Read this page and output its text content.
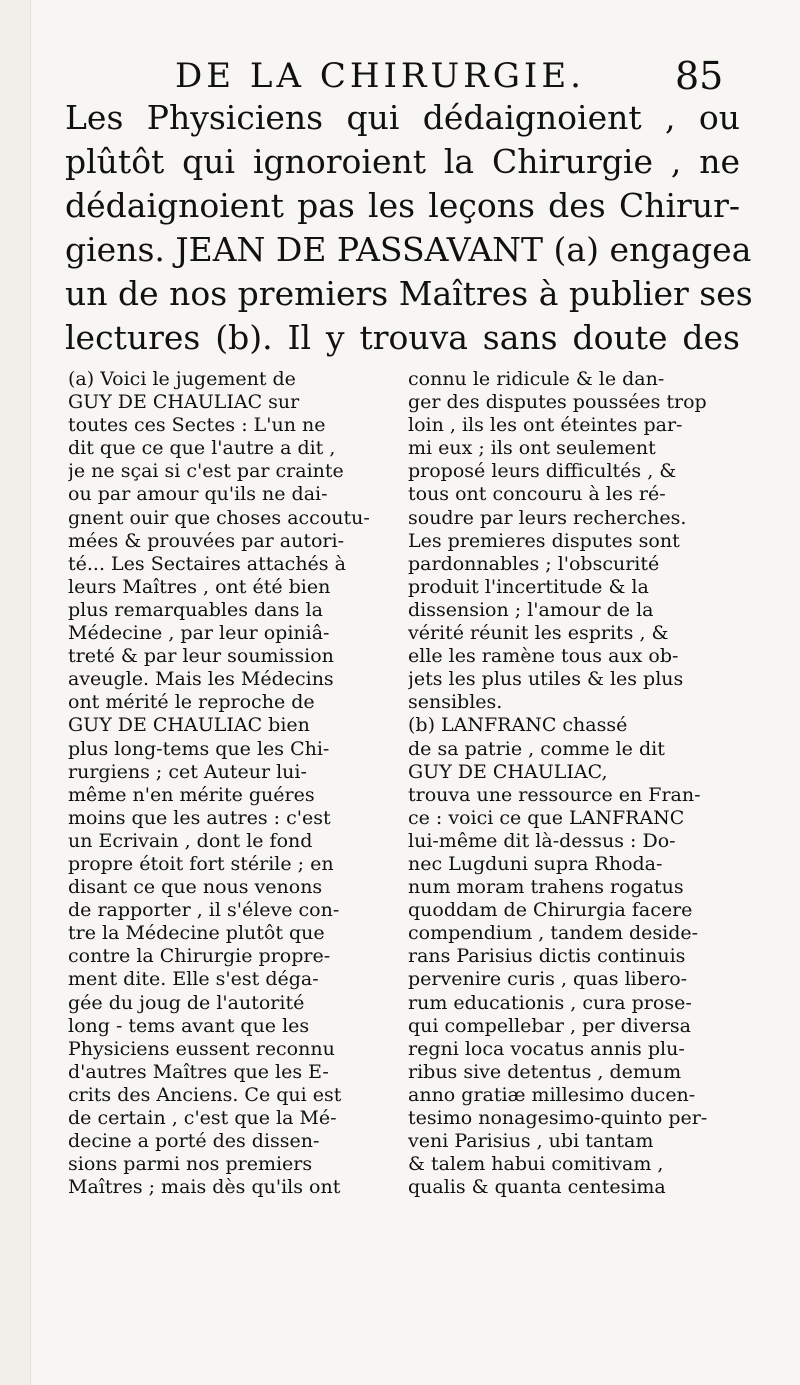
DE LA CHIRURGIE. 85
Les Physiciens qui dédaignoient , ou
plûtôt qui ignoroient la Chirurgie , ne
dédaignoient pas les leçons des Chirur-
giens. JEAN DE PASSAVANT (a) engagea
un de nos premiers Maîtres à publier ses
lectures (b). Il y trouva sans doute des
(a) Voici le jugement de
GUY DE CHAULIAC sur
toutes ces Sectes : L'un ne
dit que ce que l'autre a dit ,
je ne sçai si c'est par crainte
ou par amour qu'ils ne dai-
gnent ouir que choses accoutu-
mées & prouvées par autori-
té... Les Sectaires attachés à
leurs Maîtres , ont été bien
plus remarquables dans la
Médecine , par leur opiniâ-
treté & par leur soumission
aveugle. Mais les Médecins
ont mérité le reproche de
GUY DE CHAULIAC bien
plus long-tems que les Chi-
rurgiens ; cet Auteur lui-
même n'en mérite guéres
moins que les autres : c'est
un Ecrivain , dont le fond
propre étoit fort stérile ; en
disant ce que nous venons
de rapporter , il s'éleve con-
tre la Médecine plutôt que
contre la Chirurgie propre-
ment dite. Elle s'est déga-
gée du joug de l'autorité
long - tems avant que les
Physiciens eussent reconnu
d'autres Maîtres que les E-
crits des Anciens. Ce qui est
de certain , c'est que la Mé-
decine a porté des dissen-
sions parmi nos premiers
Maîtres ; mais dès qu'ils ont
connu le ridicule & le dan-
ger des disputes poussées trop
loin , ils les ont éteintes par-
mi eux ; ils ont seulement
proposé leurs difficultés , &
tous ont concouru à les ré-
soudre par leurs recherches.
Les premieres disputes sont
pardonnables ; l'obscurité
produit l'incertitude & la
dissension ; l'amour de la
vérité réunit les esprits , &
elle les ramène tous aux ob-
jets les plus utiles & les plus
sensibles.
(b) LANFRANC chassé
de sa patrie , comme le dit
GUY DE CHAULIAC,
trouva une ressource en Fran-
ce : voici ce que LANFRANC
lui-même dit là-dessus : Do-
nec Lugduni supra Rhoda-
num moram trahens rogatus
quoddam de Chirurgia facere
compendium , tandem deside-
rans Parisius dictis continuis
pervenire curis , quas libero-
rum educationis , cura prose-
qui compellebar , per diversa
regni loca vocatus annis plu-
ribus sive detentus , demum
anno gratiæ millesimo ducen-
tesimo nonagesimo-quinto per-
veni Parisius , ubi tantam
& talem habui comitivam ,
qualis & quanta centesima
